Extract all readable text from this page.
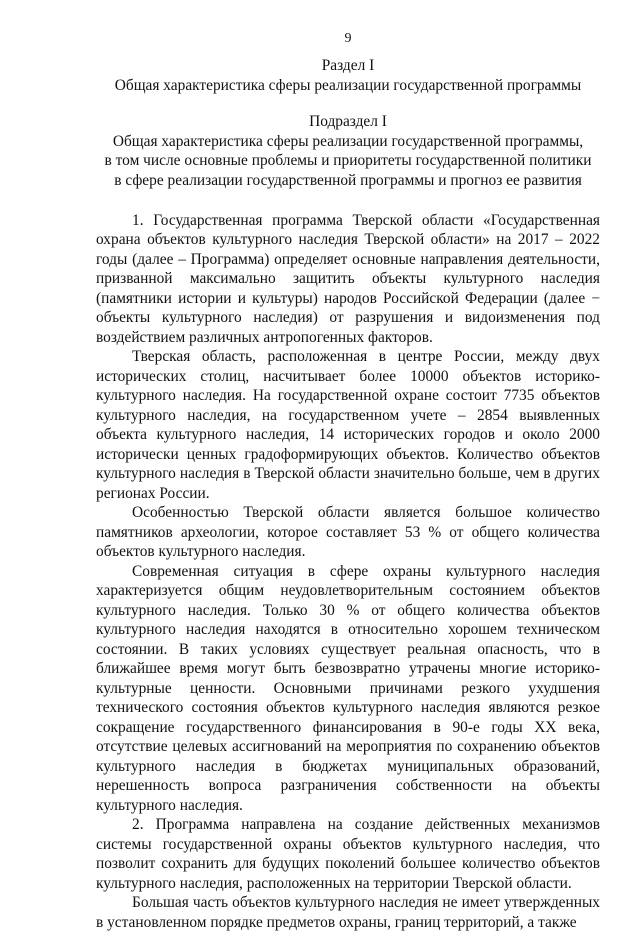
9
Раздел I
Общая характеристика сферы реализации государственной программы
Подраздел I
Общая характеристика сферы реализации государственной программы,
в том числе основные проблемы и приоритеты государственной политики
в сфере реализации государственной программы и прогноз ее развития

1. Государственная программа Тверской области «Государственная охрана объектов культурного наследия Тверской области» на 2017 – 2022 годы (далее – Программа) определяет основные направления деятельности, призванной максимально защитить объекты культурного наследия (памятники истории и культуры) народов Российской Федерации (далее − объекты культурного наследия) от разрушения и видоизменения под воздействием различных антропогенных факторов.

Тверская область, расположенная в центре России, между двух исторических столиц, насчитывает более 10000 объектов историко-культурного наследия. На государственной охране состоит 7735 объектов культурного наследия, на государственном учете – 2854 выявленных объекта культурного наследия, 14 исторических городов и около 2000 исторически ценных градоформирующих объектов. Количество объектов культурного наследия в Тверской области значительно больше, чем в других регионах России.

Особенностью Тверской области является большое количество памятников археологии, которое составляет 53 % от общего количества объектов культурного наследия.

Современная ситуация в сфере охраны культурного наследия характеризуется общим неудовлетворительным состоянием объектов культурного наследия. Только 30 % от общего количества объектов культурного наследия находятся в относительно хорошем техническом состоянии. В таких условиях существует реальная опасность, что в ближайшее время могут быть безвозвратно утрачены многие историко-культурные ценности. Основными причинами резкого ухудшения технического состояния объектов культурного наследия являются резкое сокращение государственного финансирования в 90-е годы XX века, отсутствие целевых ассигнований на мероприятия по сохранению объектов культурного наследия в бюджетах муниципальных образований, нерешенность вопроса разграничения собственности на объекты культурного наследия.

2. Программа направлена на создание действенных механизмов системы государственной охраны объектов культурного наследия, что позволит сохранить для будущих поколений большее количество объектов культурного наследия, расположенных на территории Тверской области.

Большая часть объектов культурного наследия не имеет утвержденных в установленном порядке предметов охраны, границ территорий, а также
